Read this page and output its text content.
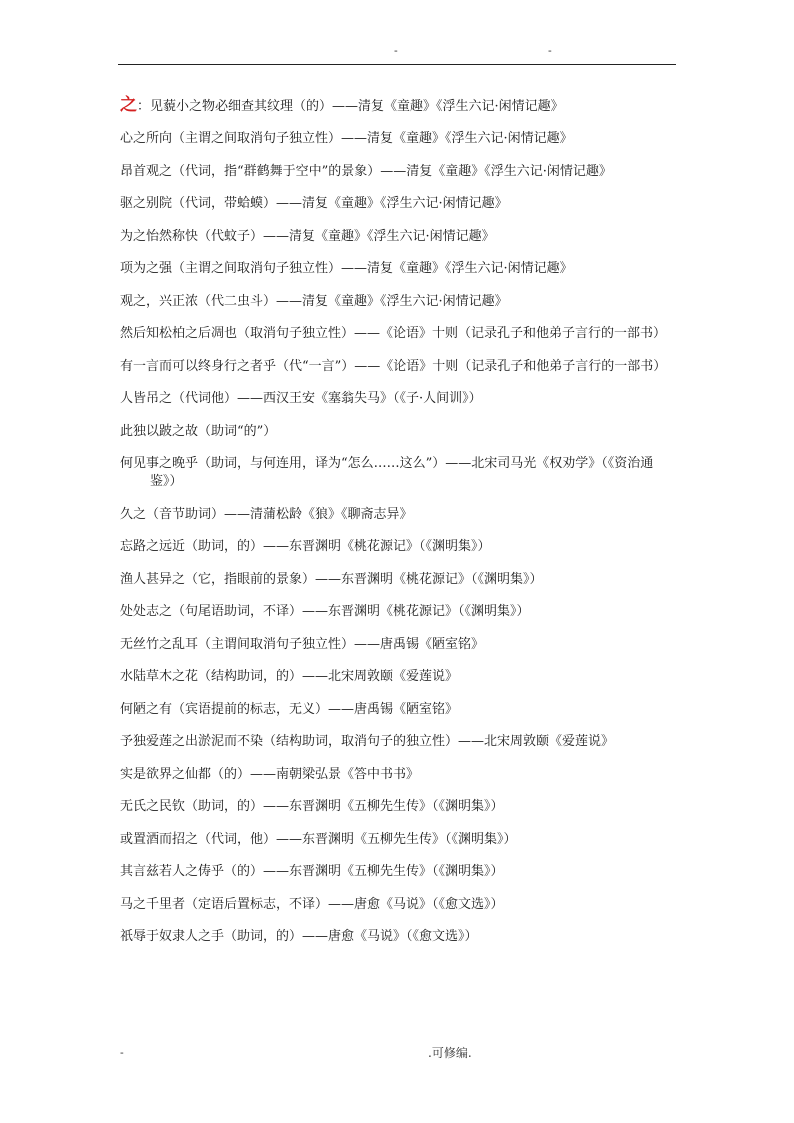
-	-

之：见藐小之物必细查其纹理（的）——清复《童趣》《浮生六记·闲情记趣》

心之所向（主谓之间取消句子独立性）——清复《童趣》《浮生六记·闲情记趣》

昂首观之（代词，指“群鹤舞于空中”的景象）——清复《童趣》《浮生六记·闲情记趣》

驱之别院（代词，带蛤蟆）——清复《童趣》《浮生六记·闲情记趣》

为之怡然称快（代蚊子）——清复《童趣》《浮生六记·闲情记趣》

项为之强（主谓之间取消句子独立性）——清复《童趣》《浮生六记·闲情记趣》

观之，兴正浓（代二虫斗）——清复《童趣》《浮生六记·闲情记趣》

然后知松柏之后凋也（取消句子独立性）——《论语》十则（记录孔子和他弟子言行的一部书）

有一言而可以终身行之者乎（代“一言”）——《论语》十则（记录孔子和他弟子言行的一部书）

人皆吊之（代词他）——西汉王安《塞翁失马》（《子·人间训》）

此独以跛之故（助词“的”）

何见事之晚乎（助词，与何连用，译为“怎么……这么”）——北宋司马光《权劝学》（《资治通鉴》）

久之（音节助词）——清蒲松龄《狼》《聊斋志异》

忘路之远近（助词，的）——东晋渊明《桃花源记》（《渊明集》）

渔人甚异之（它，指眼前的景象）——东晋渊明《桃花源记》（《渊明集》）

处处志之（句尾语助词，不译）——东晋渊明《桃花源记》（《渊明集》）

无丝竹之乱耳（主谓间取消句子独立性）——唐禹锡《陋室铭》

水陆草木之花（结构助词，的）——北宋周敦颐《爱莲说》

何陋之有（宾语提前的标志，无义）——唐禹锡《陋室铭》

予独爱莲之出淤泥而不染（结构助词，取消句子的独立性）——北宋周敦颐《爱莲说》

实是欲界之仙都（的）——南朝梁弘景《答中书书》

无氏之民钦（助词，的）——东晋渊明《五柳先生传》（《渊明集》）

或置酒而招之（代词，他）——东晋渊明《五柳先生传》（《渊明集》）

其言兹若人之俦乎（的）——东晋渊明《五柳先生传》（《渊明集》）

马之千里者（定语后置标志，不译）——唐愈《马说》（《愈文选》）

祇辱于奴隶人之手（助词，的）——唐愈《马说》（《愈文选》）

-	.可修编.
